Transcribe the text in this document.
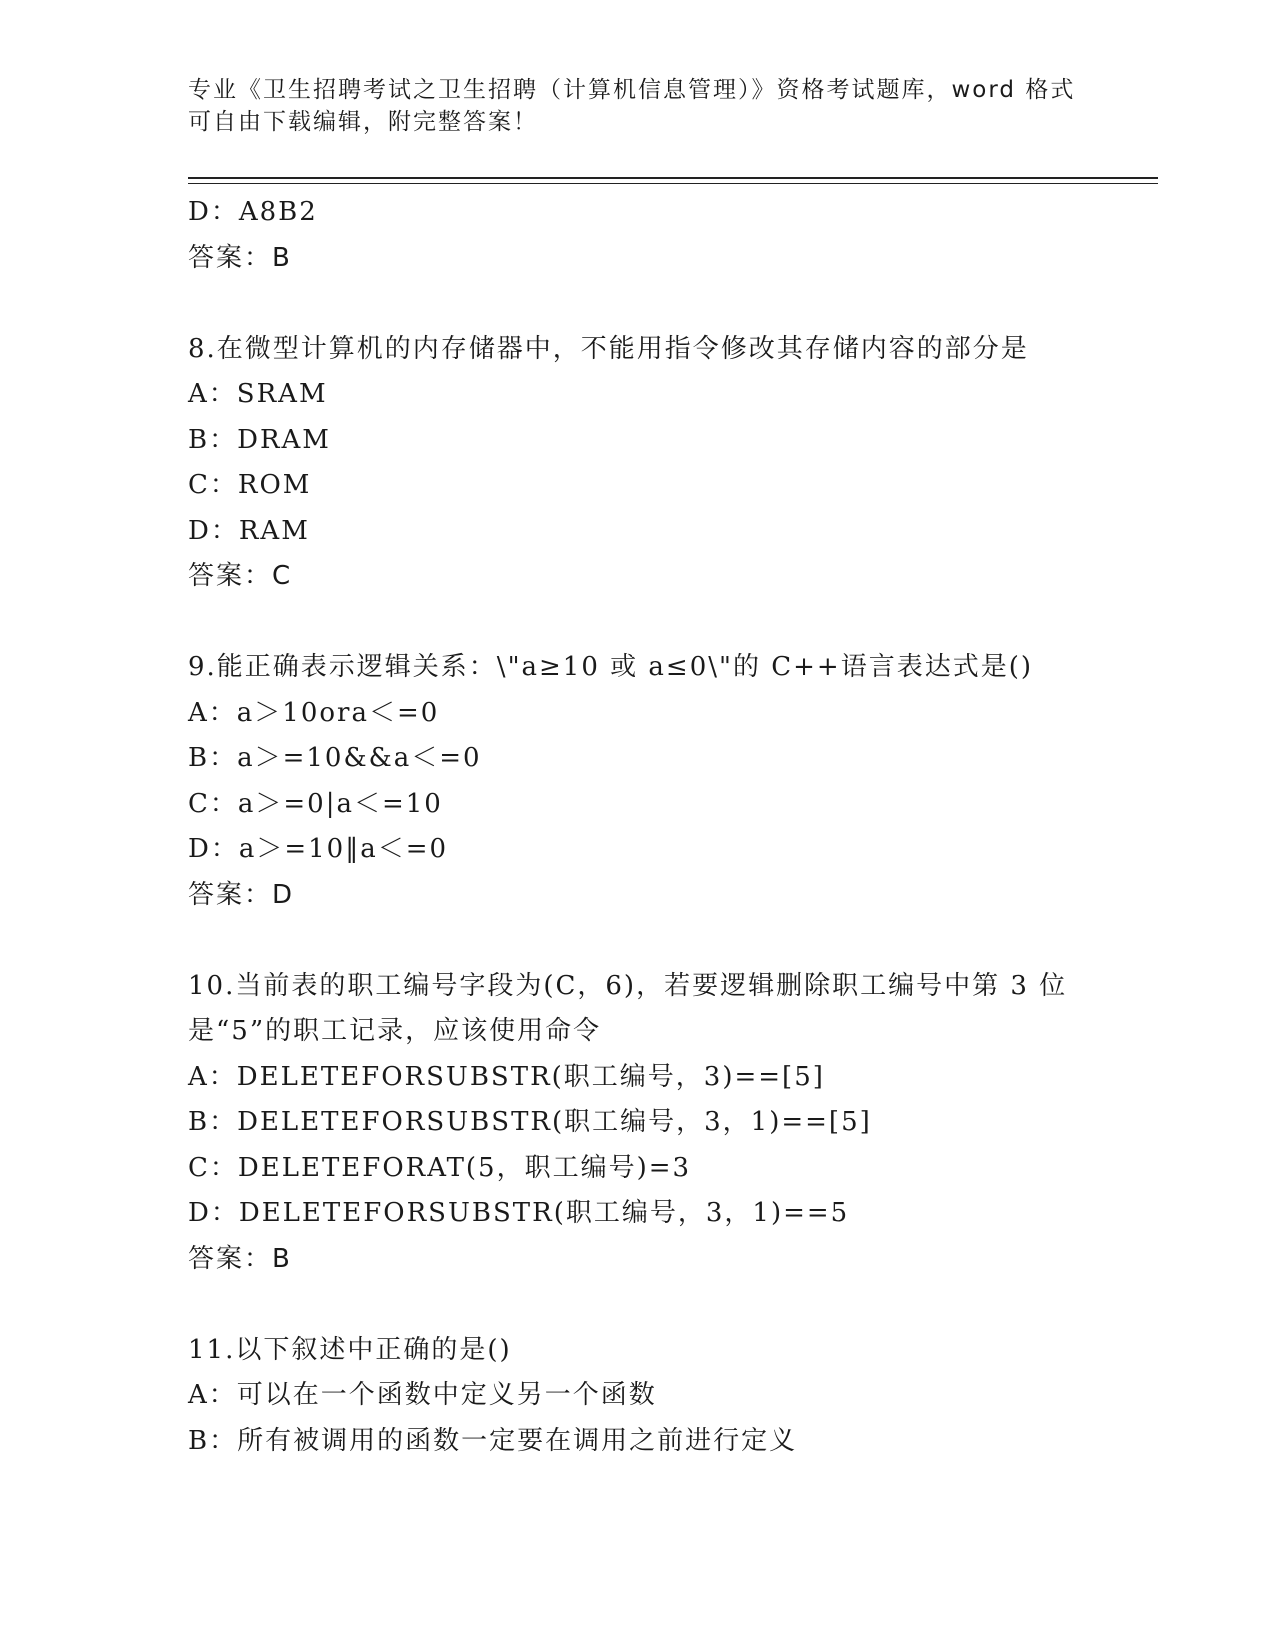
专业《卫生招聘考试之卫生招聘（计算机信息管理）》资格考试题库，word 格式
可自由下载编辑，附完整答案！
D：A8B2
答案：B
8.在微型计算机的内存储器中，不能用指令修改其存储内容的部分是
A：SRAM
B：DRAM
C：ROM
D：RAM
答案：C
9.能正确表示逻辑关系：\"a≥10 或 a≤0\"的 C++语言表达式是()
A：a＞10ora＜=0
B：a＞=10&&a＜=0
C：a＞=0|a＜=10
D：a＞=10‖a＜=0
答案：D
10.当前表的职工编号字段为(C，6)，若要逻辑删除职工编号中第 3 位
是“5”的职工记录，应该使用命令
A：DELETEFORSUBSTR(职工编号，3)==[5]
B：DELETEFORSUBSTR(职工编号，3，1)==[5]
C：DELETEFORAT(5，职工编号)=3
D：DELETEFORSUBSTR(职工编号，3，1)==5
答案：B
11.以下叙述中正确的是()
A：可以在一个函数中定义另一个函数
B：所有被调用的函数一定要在调用之前进行定义
